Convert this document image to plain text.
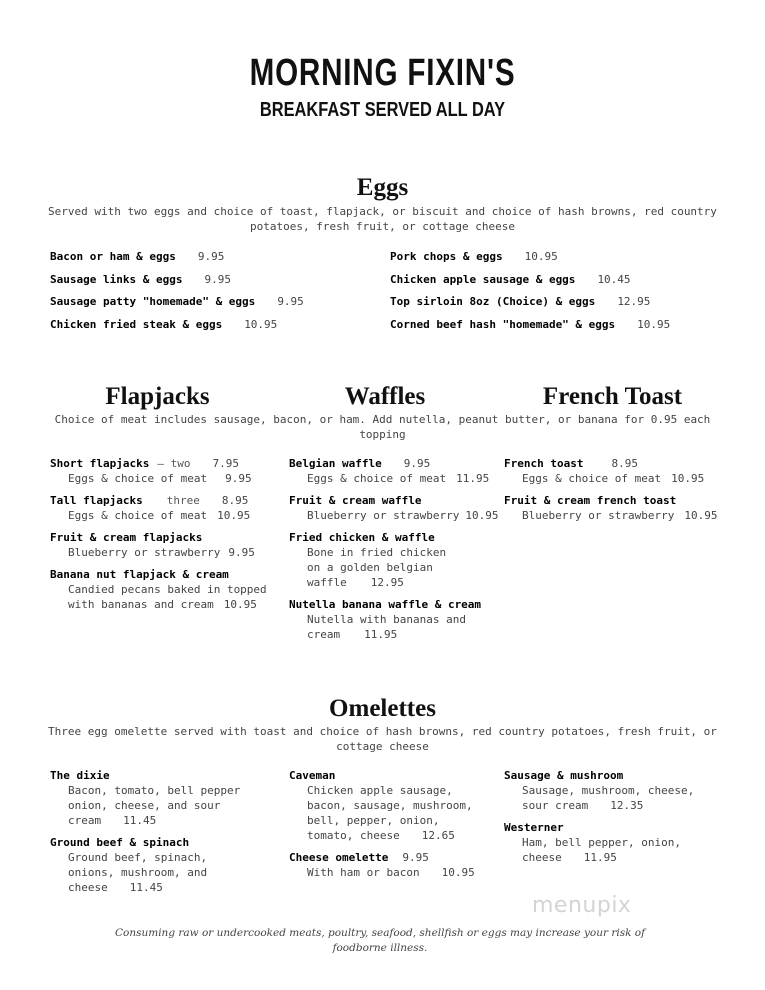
MORNING FIXIN'S
BREAKFAST SERVED ALL DAY
Eggs
Served with two eggs and choice of toast, flapjack, or biscuit and choice of hash browns, red country
potatoes, fresh fruit, or cottage cheese
Bacon or ham & eggs 9.95
Sausage links & eggs 9.95
Sausage patty "homemade" & eggs 9.95
Chicken fried steak & eggs 10.95
Pork chops & eggs 10.95
Chicken apple sausage & eggs 10.45
Top sirloin 8oz (Choice) & eggs 12.95
Corned beef hash "homemade" & eggs 10.95
Flapjacks	Waffles	French Toast
Choice of meat includes sausage, bacon, or ham. Add nutella, peanut butter, or banana for 0.95 each
topping
Short flapjacks – two 7.95
Eggs & choice of meat 9.95
Tall flapjacks three 8.95
Eggs & choice of meat 10.95
Fruit & cream flapjacks
Blueberry or strawberry 9.95
Banana nut flapjack & cream
Candied pecans baked in topped
with bananas and cream 10.95
Belgian waffle 9.95
Eggs & choice of meat 11.95
Fruit & cream waffle
Blueberry or strawberry 10.95
Fried chicken & waffle
Bone in fried chicken
on a golden belgian
waffle 12.95
Nutella banana waffle & cream
Nutella with bananas and
cream 11.95
French toast	8.95
Eggs & choice of meat 10.95
Fruit & cream french toast
Blueberry or strawberry 10.95
Omelettes
Three egg omelette served with toast and choice of hash browns, red country potatoes, fresh fruit, or
cottage cheese
The dixie
Bacon, tomato, bell pepper
onion, cheese, and sour
cream 11.45
Ground beef & spinach
Ground beef, spinach,
onions, mushroom, and
cheese 11.45
Caveman
Chicken apple sausage,
bacon, sausage, mushroom,
bell, pepper, onion,
tomato, cheese 12.65
Cheese omelette 9.95
With ham or bacon 10.95
Sausage & mushroom
Sausage, mushroom, cheese,
sour cream 12.35
Westerner
Ham, bell pepper, onion,
cheese 11.95
menupix
Consuming raw or undercooked meats, poultry, seafood, shellfish or eggs may increase your risk of
foodborne illness.
